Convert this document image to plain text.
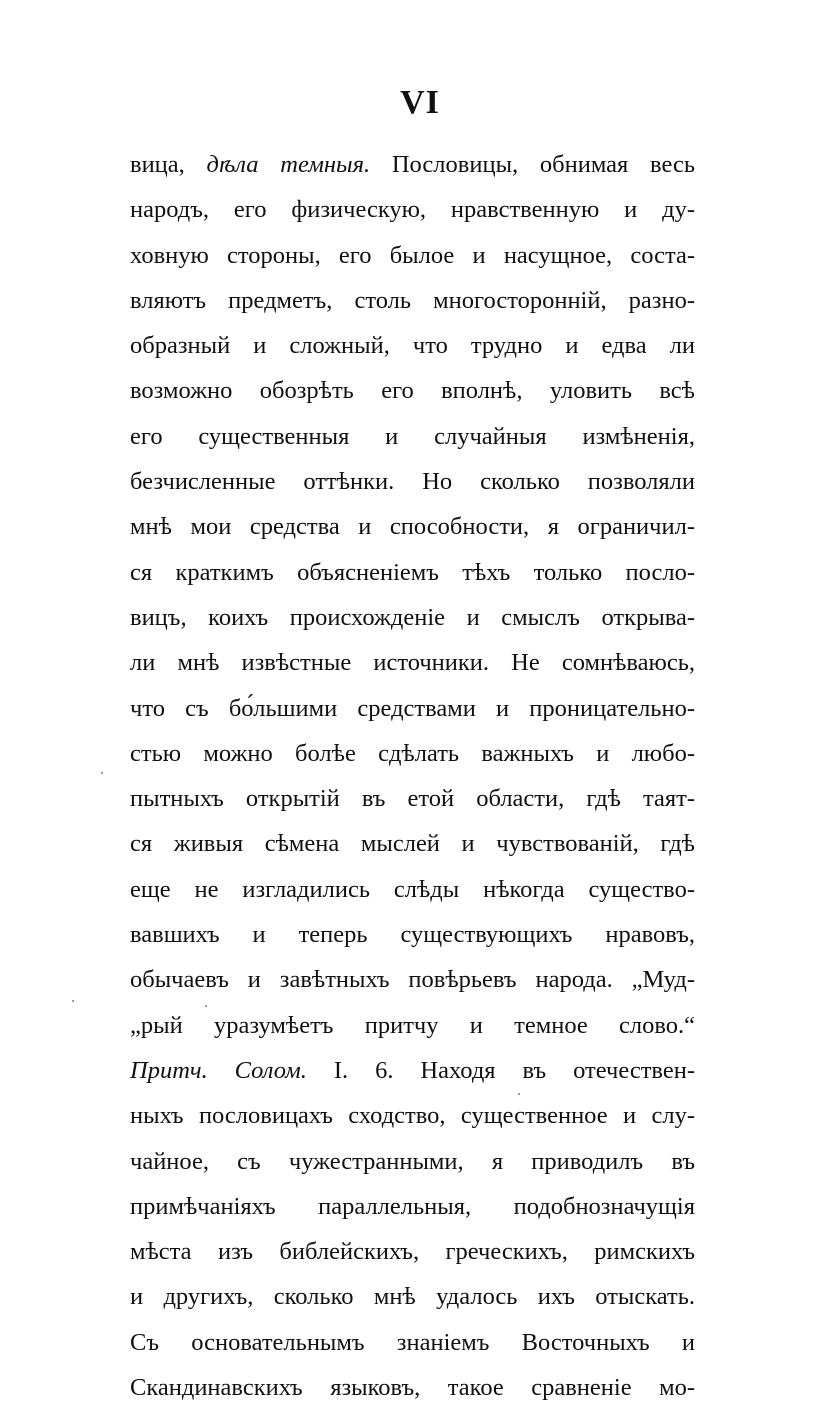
VI
вица, дѣла темныя. Пословицы, обнимая весь
народъ, его физическую, нравственную и ду-
ховную стороны, его былое и насущное, соста-
вляютъ предметъ, столь многосторонній, разно-
образный и сложный, что трудно и едва ли
возможно обозрѣть его вполнѣ, уловить всѣ
его существенныя и случайныя измѣненія,
безчисленные оттѣнки. Но сколько позволяли
мнѣ мои средства и способности, я ограничил-
ся краткимъ объясненіемъ тѣхъ только посло-
вицъ, коихъ происхожденіе и смыслъ открыва-
ли мнѣ извѣстные источники. Не сомнѣваюсь,
что съ бо́льшими средствами и проницательно-
стью можно болѣе сдѣлать важныхъ и любо-
пытныхъ открытій въ етой области, гдѣ таят-
ся живыя сѣмена мыслей и чувствованій, гдѣ
еще не изгладились слѣды нѣкогда существо-
вавшихъ и теперь существующихъ нравовъ,
обычаевъ и завѣтныхъ повѣрьевъ народа. „Муд-
„рый уразумѣетъ притчу и темное слово.“
Притч. Солом. I. 6. Находя въ отечествен-
ныхъ пословицахъ сходство, существенное и слу-
чайное, съ чужестранными, я приводилъ въ
примѣчаніяхъ параллельныя, подобнозначущія
мѣста изъ библейскихъ, греческихъ, римскихъ
и другихъ, сколько мнѣ удалось ихъ отыскать.
Съ основательнымъ знаніемъ Восточныхъ и
Скандинавскихъ языковъ, такое сравненіе мо-
